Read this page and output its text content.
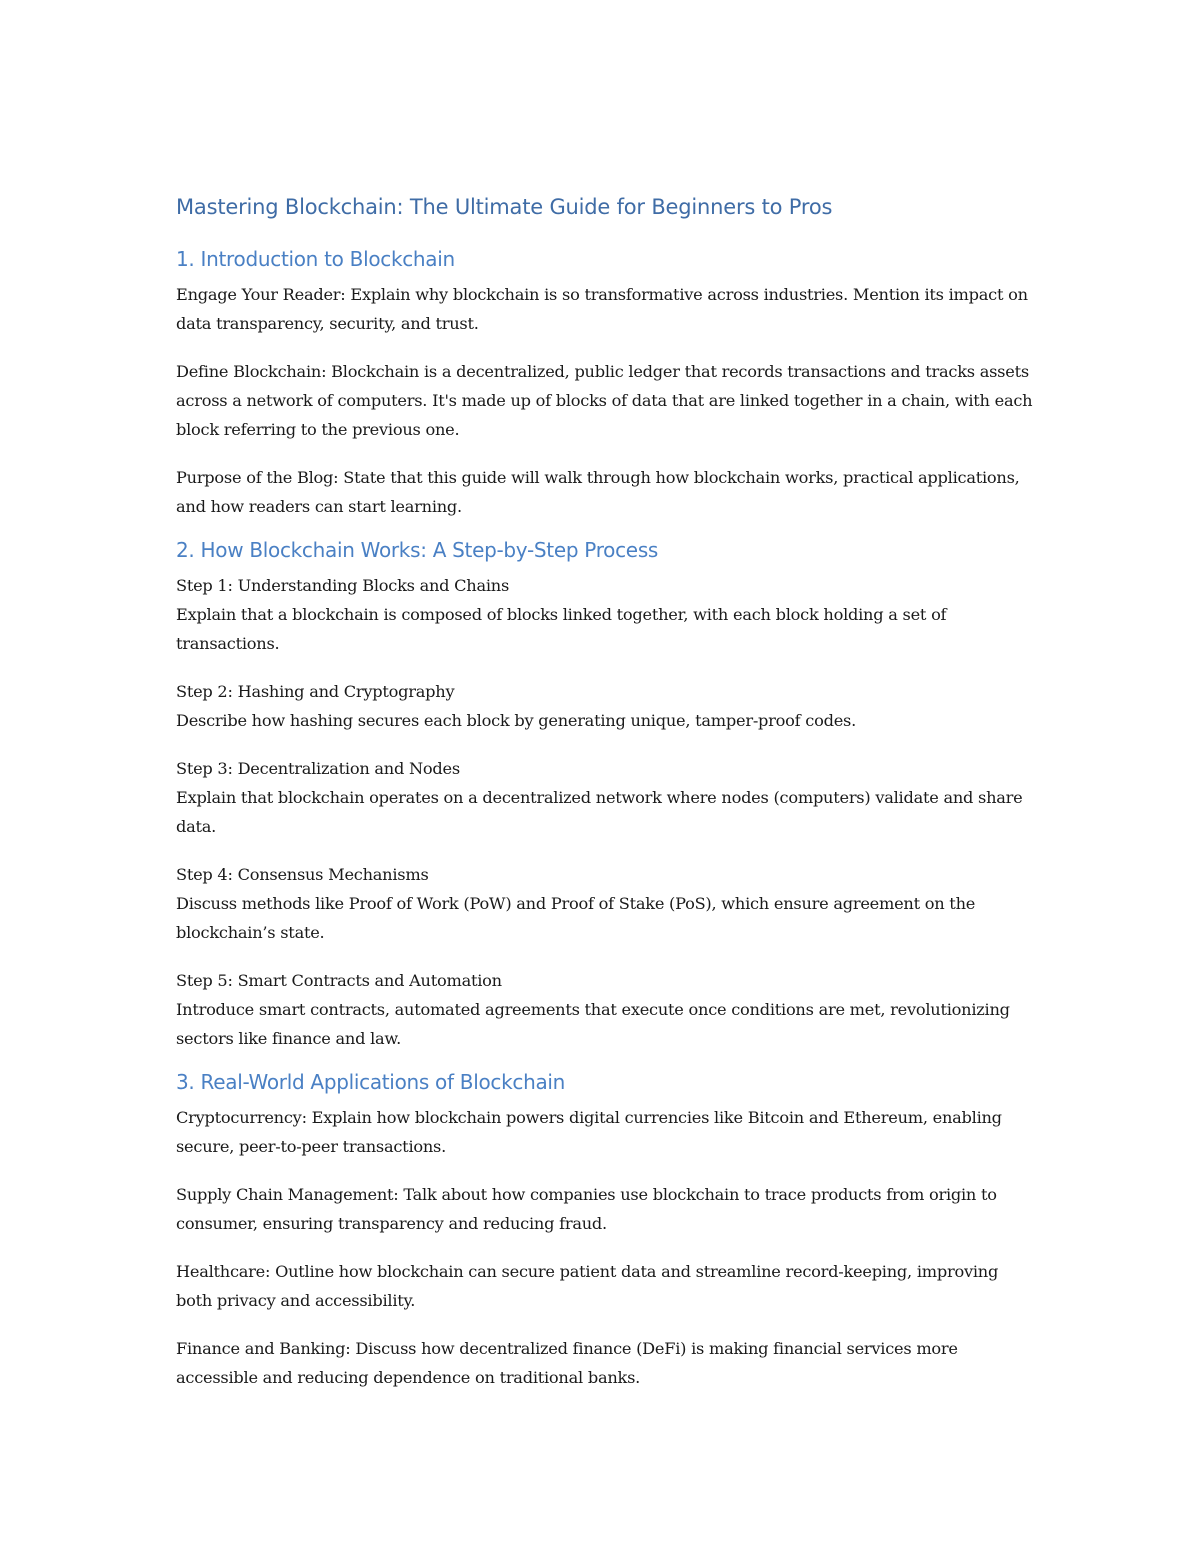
Mastering Blockchain: The Ultimate Guide for Beginners to Pros
1. Introduction to Blockchain

Engage Your Reader: Explain why blockchain is so transformative across industries. Mention its impact on data transparency, security, and trust.

Define Blockchain: Blockchain is a decentralized, public ledger that records transactions and tracks assets across a network of computers. It's made up of blocks of data that are linked together in a chain, with each block referring to the previous one.

Purpose of the Blog: State that this guide will walk through how blockchain works, practical applications, and how readers can start learning.

2. How Blockchain Works: A Step-by-Step Process

Step 1: Understanding Blocks and Chains
Explain that a blockchain is composed of blocks linked together, with each block holding a set of transactions.

Step 2: Hashing and Cryptography
Describe how hashing secures each block by generating unique, tamper-proof codes.

Step 3: Decentralization and Nodes
Explain that blockchain operates on a decentralized network where nodes (computers) validate and share data.

Step 4: Consensus Mechanisms
Discuss methods like Proof of Work (PoW) and Proof of Stake (PoS), which ensure agreement on the blockchain’s state.

Step 5: Smart Contracts and Automation
Introduce smart contracts, automated agreements that execute once conditions are met, revolutionizing sectors like finance and law.

3. Real-World Applications of Blockchain

Cryptocurrency: Explain how blockchain powers digital currencies like Bitcoin and Ethereum, enabling secure, peer-to-peer transactions.

Supply Chain Management: Talk about how companies use blockchain to trace products from origin to consumer, ensuring transparency and reducing fraud.

Healthcare: Outline how blockchain can secure patient data and streamline record-keeping, improving both privacy and accessibility.

Finance and Banking: Discuss how decentralized finance (DeFi) is making financial services more accessible and reducing dependence on traditional banks.
